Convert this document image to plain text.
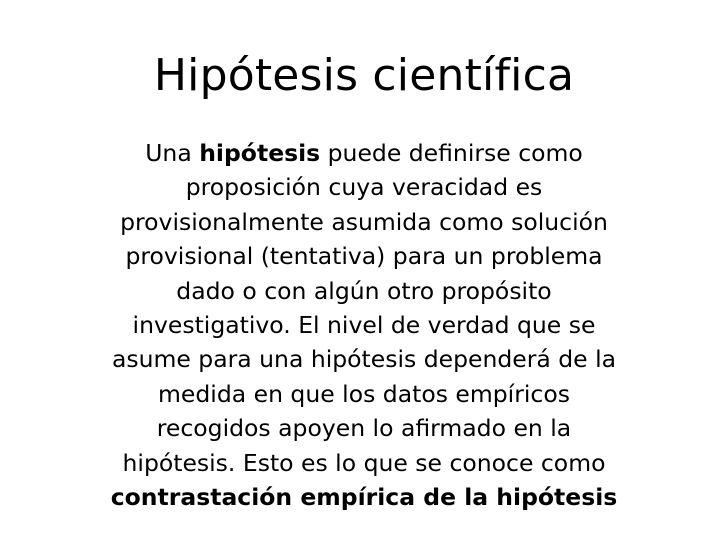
Hipótesis científica
Una hipótesis puede definirse como
proposición cuya veracidad es
provisionalmente asumida como solución
provisional (tentativa) para un problema
dado o con algún otro propósito
investigativo. El nivel de verdad que se
asume para una hipótesis dependerá de la
medida en que los datos empíricos
recogidos apoyen lo afirmado en la
hipótesis. Esto es lo que se conoce como
contrastación empírica de la hipótesis
